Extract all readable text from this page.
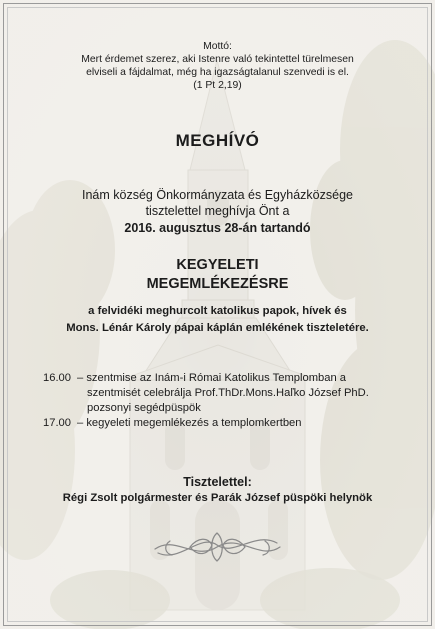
Mottó:
Mert érdemet szerez, aki Istenre való tekintettel türelmesen
elviseli a fájdalmat, még ha igazságtalanul szenvedi is el.
(1 Pt 2,19)
MEGHÍVÓ
Inám község Önkormányzata és Egyházközsége
tisztelettel meghívja Önt a
2016. augusztus 28-án tartandó
KEGYELETI
MEGEMLÉKEZÉSRE
a felvidéki meghurcolt katolikus papok, hívek és
Mons. Lénár Károly pápai káplán emlékének tiszteletére.
16.00 – szentmise az Inám-i Római Katolikus Templomban a
szentmisét celebrálja Prof.ThDr.Mons.Haľko József PhD.
pozsonyi segédpüspök
17.00 – kegyeleti megemlékezés a templomkertben
Tisztelettel:
Régi Zsolt polgármester és Parák József püspöki helynök
